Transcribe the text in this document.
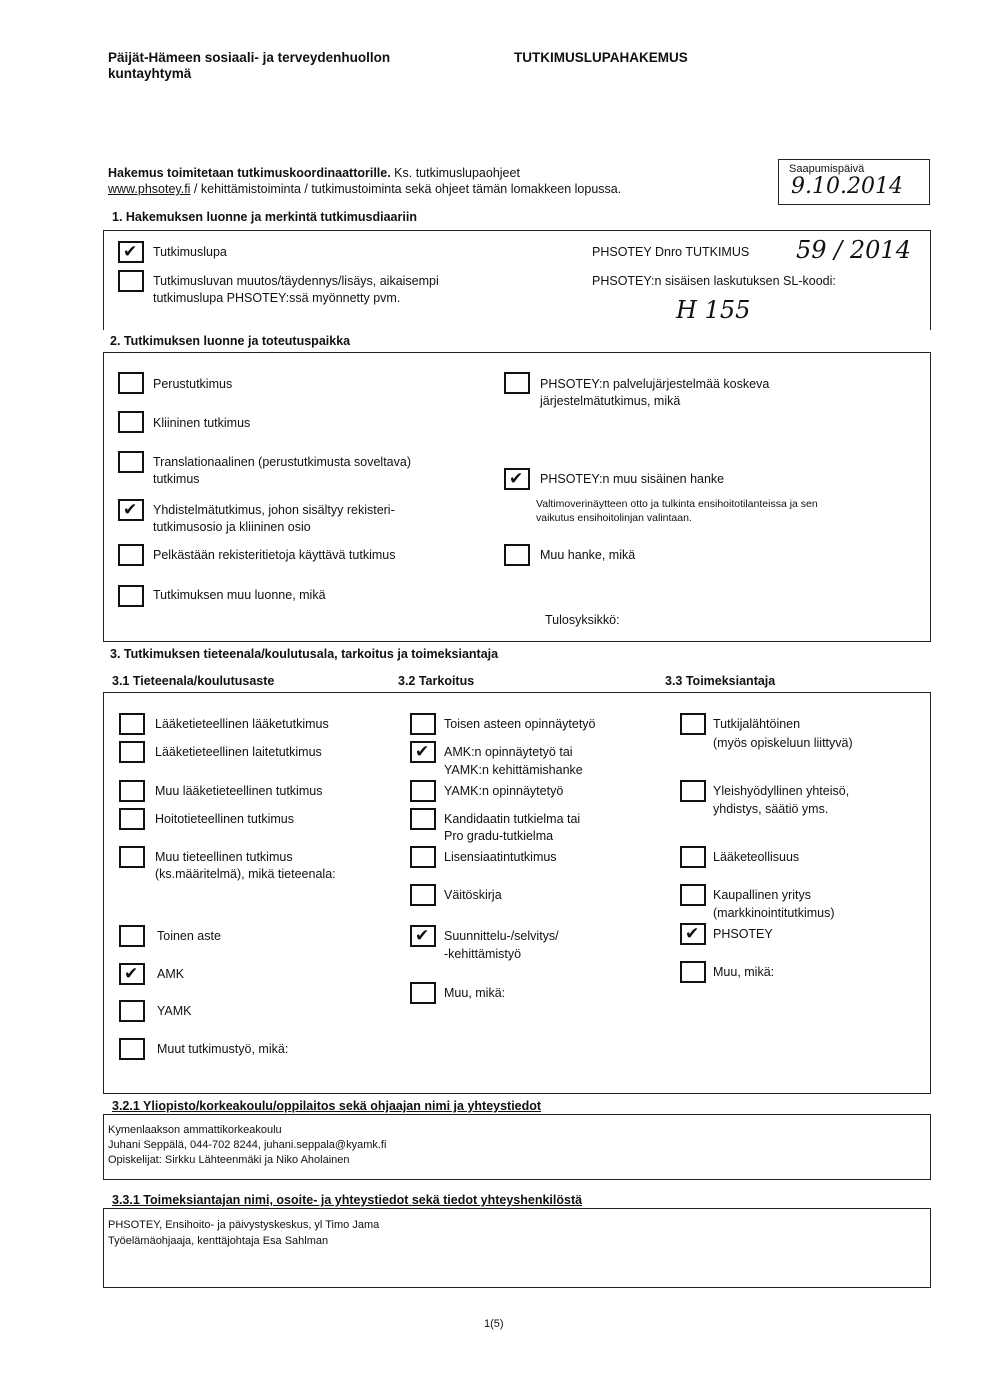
Päijät-Hämeen sosiaali- ja terveydenhuollon
kuntayhtymä
TUTKIMUSLUPAHAKEMUS
Hakemus toimitetaan tutkimuskoordinaattorille. Ks. tutkimuslupaohjeet
www.phsotey.fi / kehittämistoiminta / tutkimustoiminta sekä ohjeet tämän lomakkeen lopussa.
Saapumispäivä
9.10.2014
1. Hakemuksen luonne ja merkintä tutkimusdiaariin
✔
Tutkimuslupa
Tutkimusluvan muutos/täydennys/lisäys, aikaisempi
tutkimuslupa PHSOTEY:ssä myönnetty pvm.
PHSOTEY Dnro TUTKIMUS 59 / 2014
PHSOTEY:n sisäisen laskutuksen SL-koodi:
H 155
2. Tutkimuksen luonne ja toteutuspaikka
Perustutkimus
Kliininen tutkimus
Translationaalinen (perustutkimusta soveltava)
tutkimus
✔
Yhdistelmätutkimus, johon sisältyy rekisteri-
tutkimusosio ja kliininen osio
Pelkästään rekisteritietoja käyttävä tutkimus
Tutkimuksen muu luonne, mikä
PHSOTEY:n palvelujärjestelmää koskeva
järjestelmätutkimus, mikä
✔
PHSOTEY:n muu sisäinen hanke
Valtimoverinäytteen otto ja tulkinta ensihoitotilanteissa ja sen
vaikutus ensihoitolinjan valintaan.
Muu hanke, mikä
Tulosyksikkö:
3. Tutkimuksen tieteenala/koulutusala, tarkoitus ja toimeksiantaja
3.1 Tieteenala/koulutusaste	3.2 Tarkoitus	3.3 Toimeksiantaja
Lääketieteellinen lääketutkimus
Lääketieteellinen laitetutkimus
Muu lääketieteellinen tutkimus
Hoitotieteellinen tutkimus
Muu tieteellinen tutkimus
(ks.määritelmä), mikä tieteenala:
Toinen aste
✔
AMK
YAMK
Muut tutkimustyö, mikä:
Toisen asteen opinnäytetyö
✔
AMK:n opinnäytetyö tai
YAMK:n kehittämishanke
YAMK:n opinnäytetyö
Kandidaatin tutkielma tai
Pro gradu-tutkielma
Lisensiaatintutkimus
Väitöskirja
✔
Suunnittelu-/selvitys/
-kehittämistyö
Muu, mikä:
Tutkijalähtöinen
(myös opiskeluun liittyvä)
Yleishyödyllinen yhteisö,
yhdistys, säätiö yms.
Lääketeollisuus
Kaupallinen yritys
(markkinointitutkimus)
✔
PHSOTEY
Muu, mikä:
3.2.1 Yliopisto/korkeakoulu/oppilaitos sekä ohjaajan nimi ja yhteystiedot
Kymenlaakson ammattikorkeakoulu
Juhani Seppälä, 044-702 8244, juhani.seppala@kyamk.fi
Opiskelijat: Sirkku Lähteenmäki ja Niko Aholainen
3.3.1 Toimeksiantajan nimi, osoite- ja yhteystiedot sekä tiedot yhteyshenkilöstä
PHSOTEY, Ensihoito- ja päivystyskeskus, yl Timo Jama
Työelämäohjaaja, kenttäjohtaja Esa Sahlman
1(5)
